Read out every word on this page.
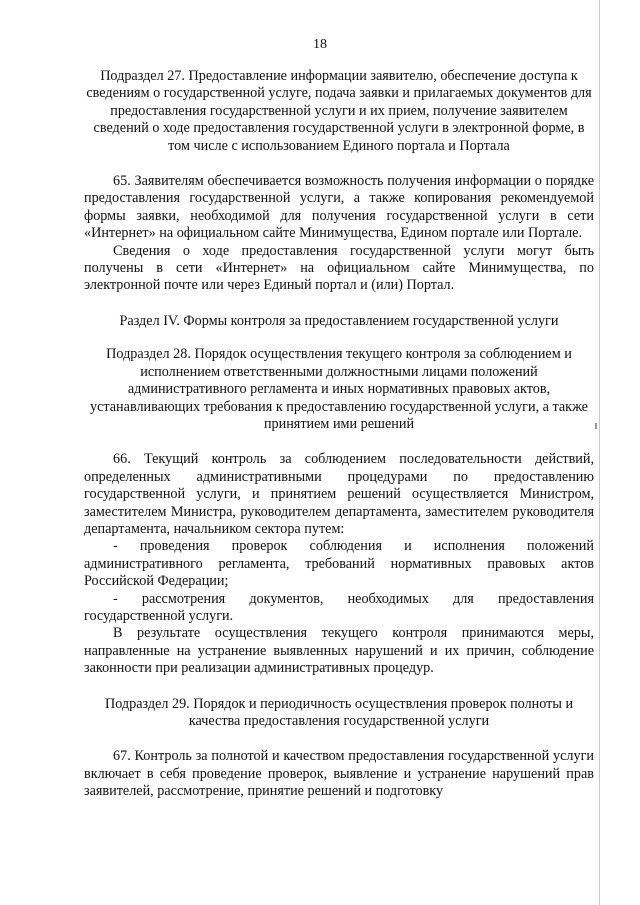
18

Подраздел 27. Предоставление информации заявителю, обеспечение доступа к сведениям о государственной услуге, подача заявки и прилагаемых документов для предоставления государственной услуги и их прием, получение заявителем сведений о ходе предоставления государственной услуги в электронной форме, в том числе с использованием Единого портала и Портала

65. Заявителям обеспечивается возможность получения информации о порядке предоставления государственной услуги, а также копирования рекомендуемой формы заявки, необходимой для получения государственной услуги в сети «Интернет» на официальном сайте Минимущества, Едином портале или Портале.

Сведения о ходе предоставления государственной услуги могут быть получены в сети «Интернет» на официальном сайте Минимущества, по электронной почте или через Единый портал и (или) Портал.

Раздел IV. Формы контроля за предоставлением государственной услуги

Подраздел 28. Порядок осуществления текущего контроля за соблюдением и исполнением ответственными должностными лицами положений административного регламента и иных нормативных правовых актов, устанавливающих требования к предоставлению государственной услуги, а также принятием ими решений

66. Текущий контроль за соблюдением последовательности действий, определенных административными процедурами по предоставлению государственной услуги, и принятием решений осуществляется Министром, заместителем Министра, руководителем департамента, заместителем руководителя департамента, начальником сектора путем:

- проведения проверок соблюдения и исполнения положений административного регламента, требований нормативных правовых актов Российской Федерации;

- рассмотрения документов, необходимых для предоставления государственной услуги.

В результате осуществления текущего контроля принимаются меры, направленные на устранение выявленных нарушений и их причин, соблюдение законности при реализации административных процедур.

Подраздел 29. Порядок и периодичность осуществления проверок полноты и качества предоставления государственной услуги

67. Контроль за полнотой и качеством предоставления государственной услуги включает в себя проведение проверок, выявление и устранение нарушений прав заявителей, рассмотрение, принятие решений и подготовку
